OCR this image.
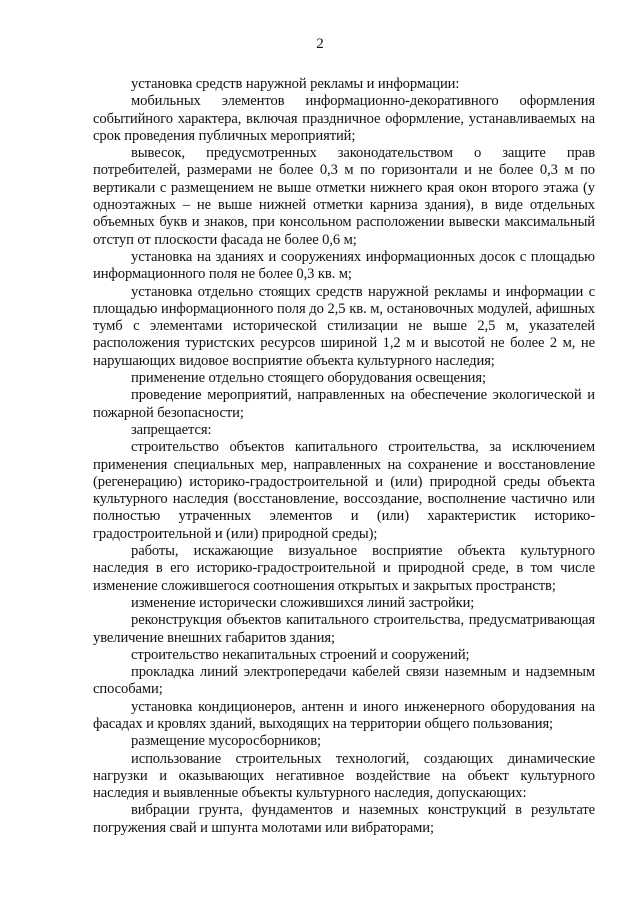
2

установка средств наружной рекламы и информации:

мобильных элементов информационно-декоративного оформления событийного характера, включая праздничное оформление, устанавливаемых на срок проведения публичных мероприятий;

вывесок, предусмотренных законодательством о защите прав потребителей, размерами не более 0,3 м по горизонтали и не более 0,3 м по вертикали с размещением не выше отметки нижнего края окон второго этажа (у одноэтажных – не выше нижней отметки карниза здания), в виде отдельных объемных букв и знаков, при консольном расположении вывески максимальный отступ от плоскости фасада не более 0,6 м;

установка на зданиях и сооружениях информационных досок с площадью информационного поля не более 0,3 кв. м;

установка отдельно стоящих средств наружной рекламы и информации с площадью информационного поля до 2,5 кв. м, остановочных модулей, афишных тумб с элементами исторической стилизации не выше 2,5 м, указателей расположения туристских ресурсов шириной 1,2 м и высотой не более 2 м, не нарушающих видовое восприятие объекта культурного наследия;

применение отдельно стоящего оборудования освещения;

проведение мероприятий, направленных на обеспечение экологической и пожарной безопасности;

запрещается:

строительство объектов капитального строительства, за исключением применения специальных мер, направленных на сохранение и восстановление (регенерацию) историко-градостроительной и (или) природной среды объекта культурного наследия (восстановление, воссоздание, восполнение частично или полностью утраченных элементов и (или) характеристик историко-градостроительной и (или) природной среды);

работы, искажающие визуальное восприятие объекта культурного наследия в его историко-градостроительной и природной среде, в том числе изменение сложившегося соотношения открытых и закрытых пространств;

изменение исторически сложившихся линий застройки;

реконструкция объектов капитального строительства, предусматривающая увеличение внешних габаритов здания;

строительство некапитальных строений и сооружений;

прокладка линий электропередачи кабелей связи наземным и надземным способами;

установка кондиционеров, антенн и иного инженерного оборудования на фасадах и кровлях зданий, выходящих на территории общего пользования;

размещение мусоросборников;

использование строительных технологий, создающих динамические нагрузки и оказывающих негативное воздействие на объект культурного наследия и выявленные объекты культурного наследия, допускающих:

вибрации грунта, фундаментов и наземных конструкций в результате погружения свай и шпунта молотами или вибраторами;
